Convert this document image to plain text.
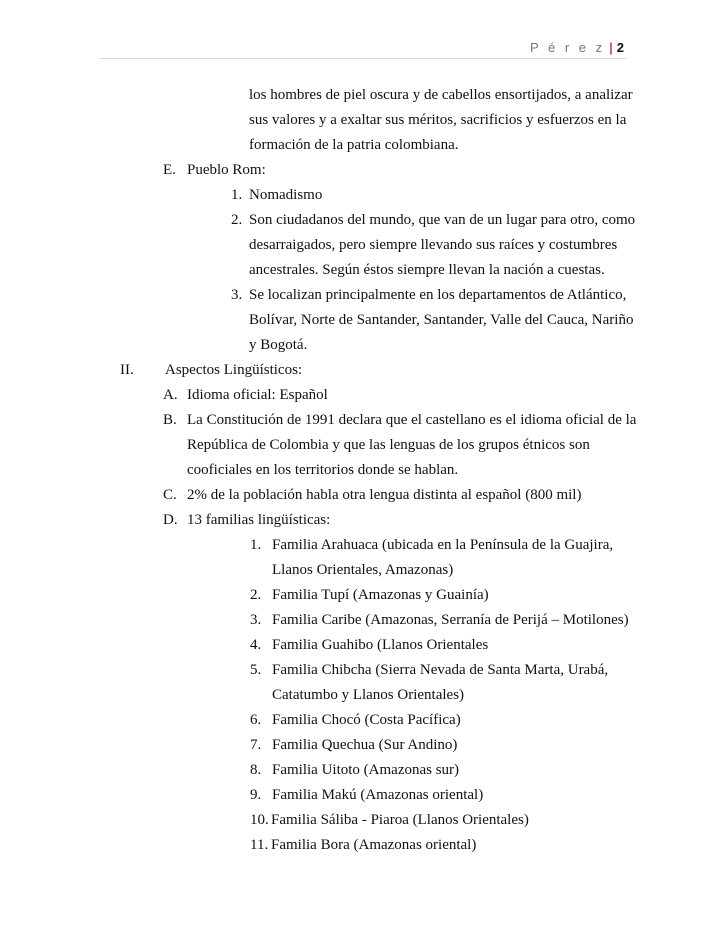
P é r e z | 2
los hombres de piel oscura y de cabellos ensortijados, a analizar
sus valores y a exaltar sus méritos, sacrificios y esfuerzos en la
formación de la patria colombiana.
E. Pueblo Rom:
1. Nomadismo
2. Son ciudadanos del mundo, que van de un lugar para otro, como
desarraigados, pero siempre llevando sus raíces y costumbres
ancestrales. Según éstos siempre llevan la nación a cuestas.
3. Se localizan principalmente en los departamentos de Atlántico,
Bolívar, Norte de Santander, Santander, Valle del Cauca, Nariño
y Bogotá.
II. Aspectos Lingüísticos:
A. Idioma oficial: Español
B. La Constitución de 1991 declara que el castellano es el idioma oficial de la
República de Colombia y que las lenguas de los grupos étnicos son
cooficiales en los territorios donde se hablan.
C. 2% de la población habla otra lengua distinta al español (800 mil)
D. 13 familias lingüísticas:
1. Familia Arahuaca (ubicada en la Península de la Guajira,
Llanos Orientales, Amazonas)
2. Familia Tupí (Amazonas y Guainía)
3. Familia Caribe (Amazonas, Serranía de Perijá – Motilones)
4. Familia Guahibo (Llanos Orientales
5. Familia Chibcha (Sierra Nevada de Santa Marta, Urabá,
Catatumbo y Llanos Orientales)
6. Familia Chocó (Costa Pacífica)
7. Familia Quechua (Sur Andino)
8. Familia Uitoto (Amazonas sur)
9. Familia Makú (Amazonas oriental)
10. Familia Sáliba - Piaroa (Llanos Orientales)
11. Familia Bora (Amazonas oriental)
